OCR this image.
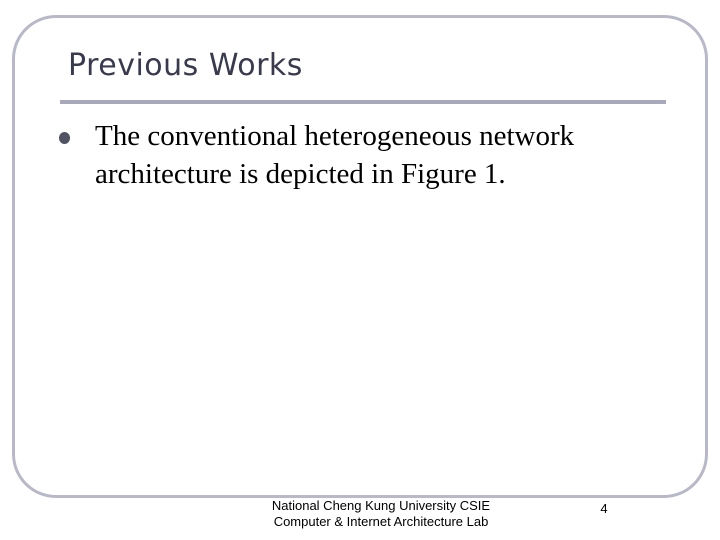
Previous Works
The conventional heterogeneous network architecture is depicted in Figure 1.
National Cheng Kung University CSIE
Computer & Internet Architecture Lab
4
